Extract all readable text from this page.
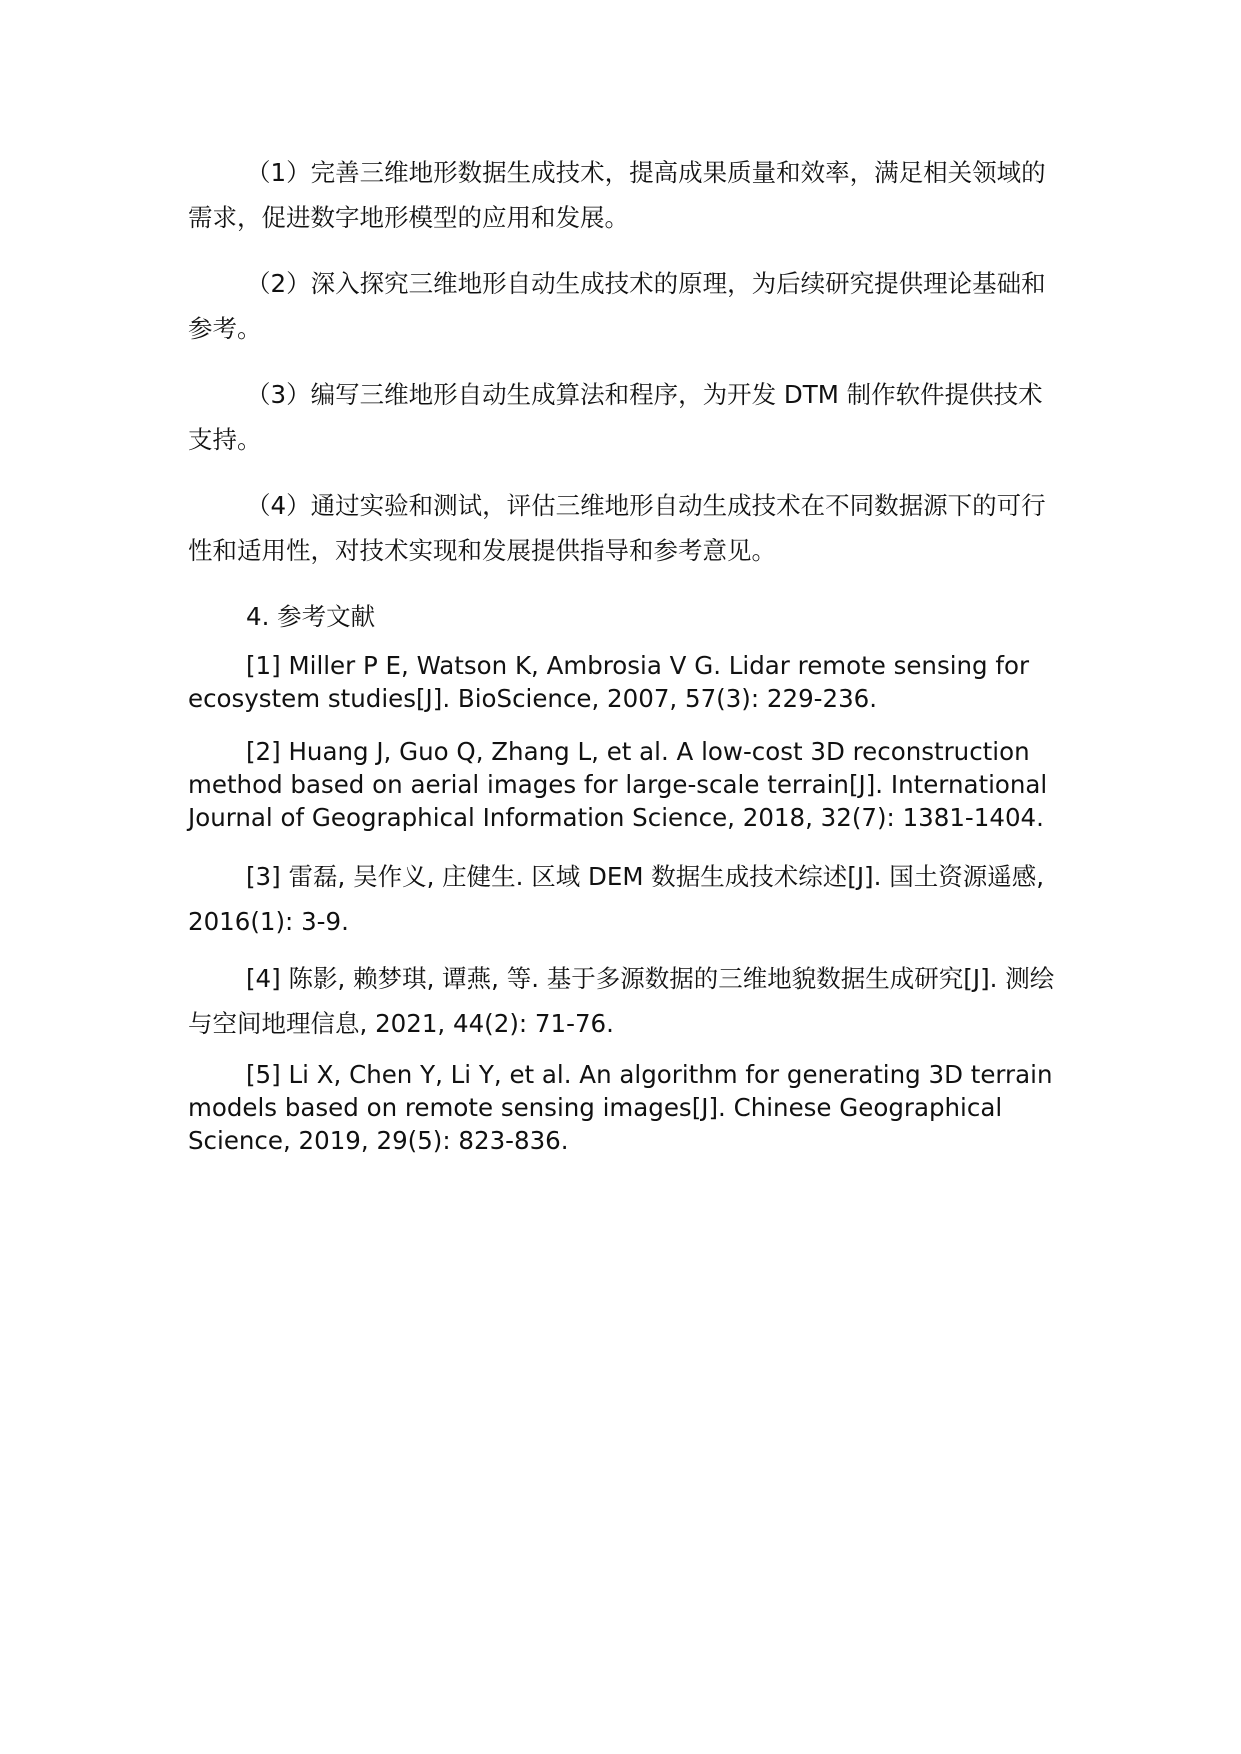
（1）完善三维地形数据生成技术，提高成果质量和效率，满足相关领域的需求，促进数字地形模型的应用和发展。

（2）深入探究三维地形自动生成技术的原理，为后续研究提供理论基础和参考。

（3）编写三维地形自动生成算法和程序，为开发 DTM 制作软件提供技术支持。

（4）通过实验和测试，评估三维地形自动生成技术在不同数据源下的可行性和适用性，对技术实现和发展提供指导和参考意见。

4. 参考文献

[1] Miller P E, Watson K, Ambrosia V G. Lidar remote sensing for ecosystem studies[J]. BioScience, 2007, 57(3): 229-236.

[2] Huang J, Guo Q, Zhang L, et al. A low-cost 3D reconstruction method based on aerial images for large-scale terrain[J]. International Journal of Geographical Information Science, 2018, 32(7): 1381-1404.

[3] 雷磊, 吴作义, 庄健生. 区域 DEM 数据生成技术综述[J]. 国土资源遥感, 2016(1): 3-9.

[4] 陈影, 赖梦琪, 谭燕, 等. 基于多源数据的三维地貌数据生成研究[J]. 测绘与空间地理信息, 2021, 44(2): 71-76.

[5] Li X, Chen Y, Li Y, et al. An algorithm for generating 3D terrain models based on remote sensing images[J]. Chinese Geographical Science, 2019, 29(5): 823-836.
